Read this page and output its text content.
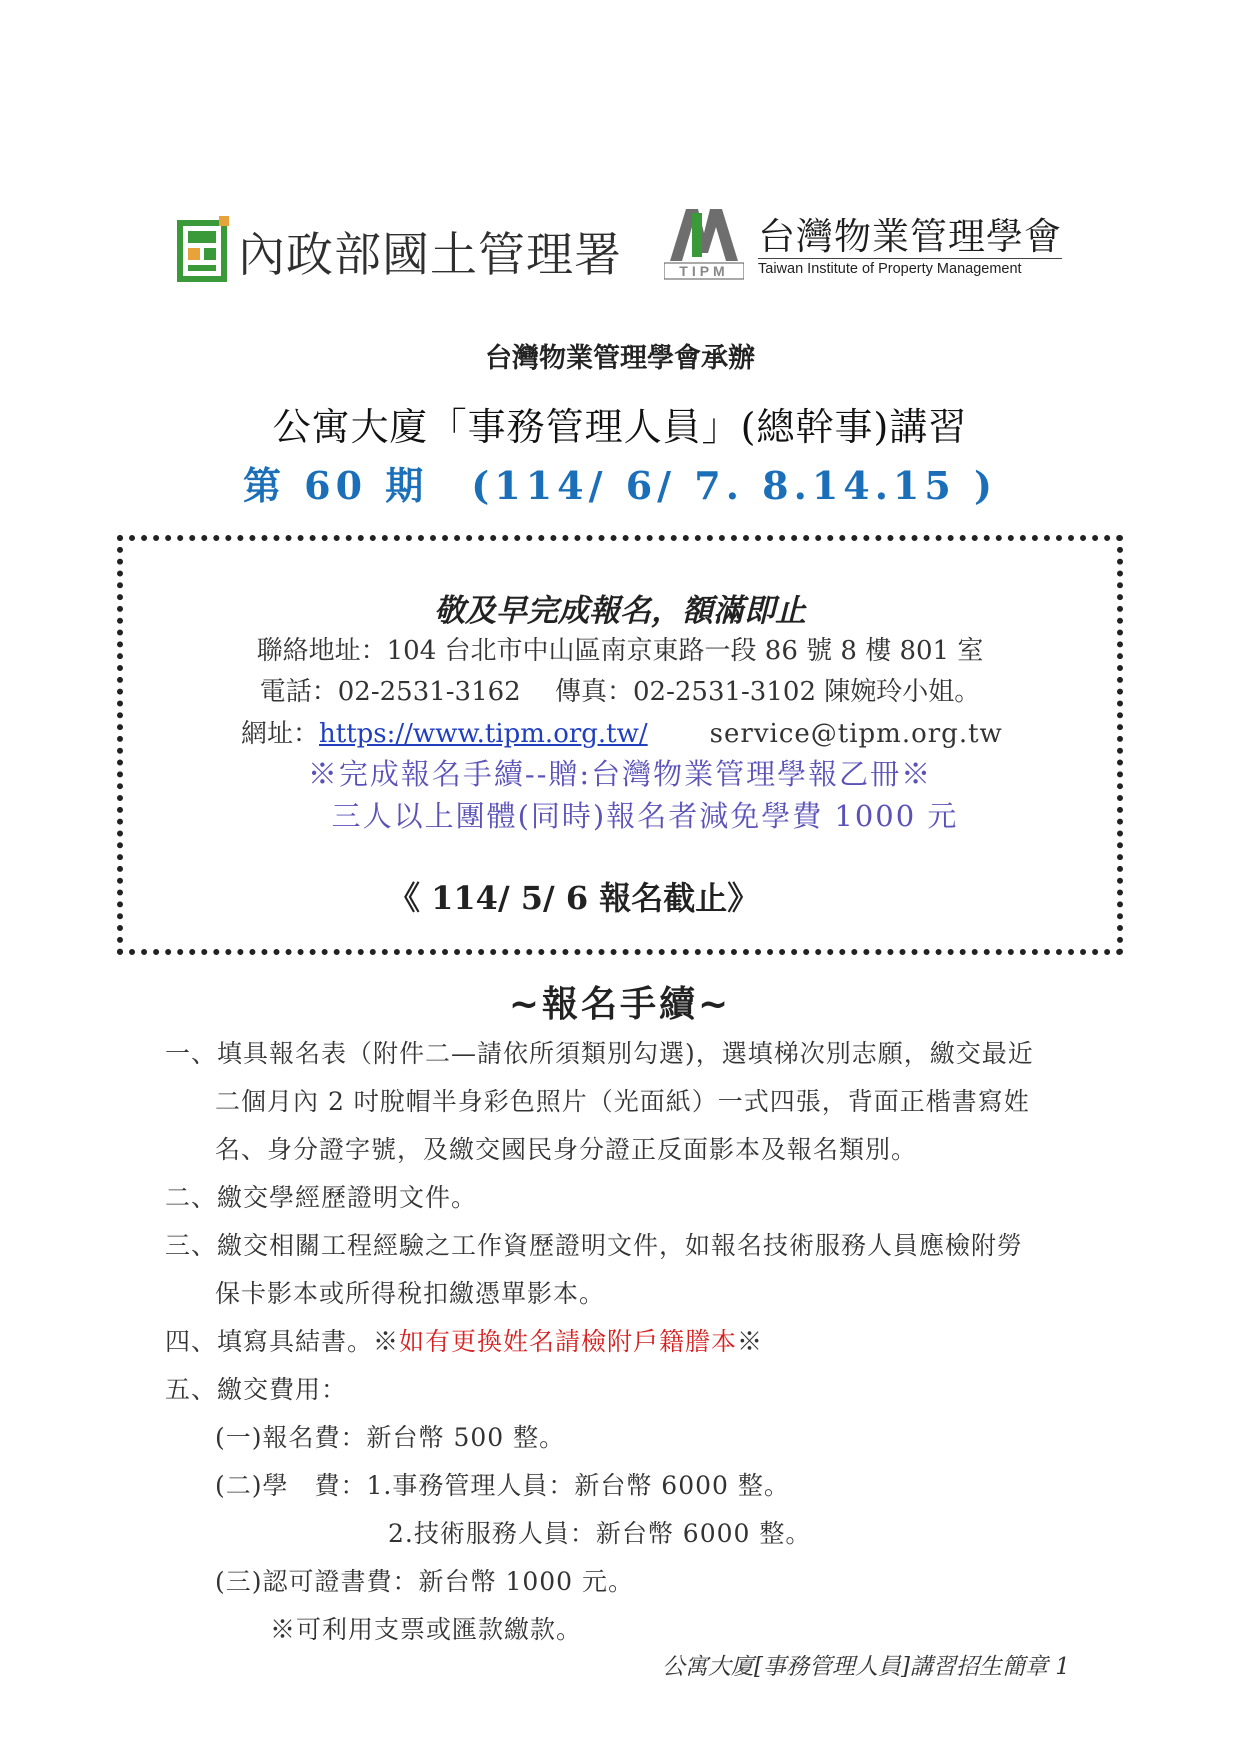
內政部國土管理署	TIPM
台灣物業管理學會
Taiwan Institute of Property Management
台灣物業管理學會承辦
公寓大廈「事務管理人員」(總幹事)講習
第 60 期　(114/ 6/ 7. 8.14.15 )
敬及早完成報名，額滿即止
聯絡地址：104 台北市中山區南京東路一段 86 號 8 樓 801 室
電話：02-2531-3162　 傳真：02-2531-3102 陳婉玲小姐。
網址：https://www.tipm.org.tw/ service@tipm.org.tw
※完成報名手續--贈:台灣物業管理學報乙冊※
三人以上團體(同時)報名者減免學費 1000 元
《 114/ 5/ 6 報名截止》
~報名手續~
一、填具報名表（附件二—請依所須類別勾選)，選填梯次別志願，繳交最近
二個月內 2 吋脫帽半身彩色照片（光面紙）一式四張，背面正楷書寫姓
名、身分證字號，及繳交國民身分證正反面影本及報名類別。
二、繳交學經歷證明文件。
三、繳交相關工程經驗之工作資歷證明文件，如報名技術服務人員應檢附勞
保卡影本或所得稅扣繳憑單影本。
四、填寫具結書。※如有更換姓名請檢附戶籍謄本※
五、繳交費用：
(一)報名費：新台幣 500 整。
(二)學　費：1.事務管理人員：新台幣 6000 整。
2.技術服務人員：新台幣 6000 整。
(三)認可證書費：新台幣 1000 元。
※可利用支票或匯款繳款。
公寓大廈[事務管理人員]講習招生簡章 1
